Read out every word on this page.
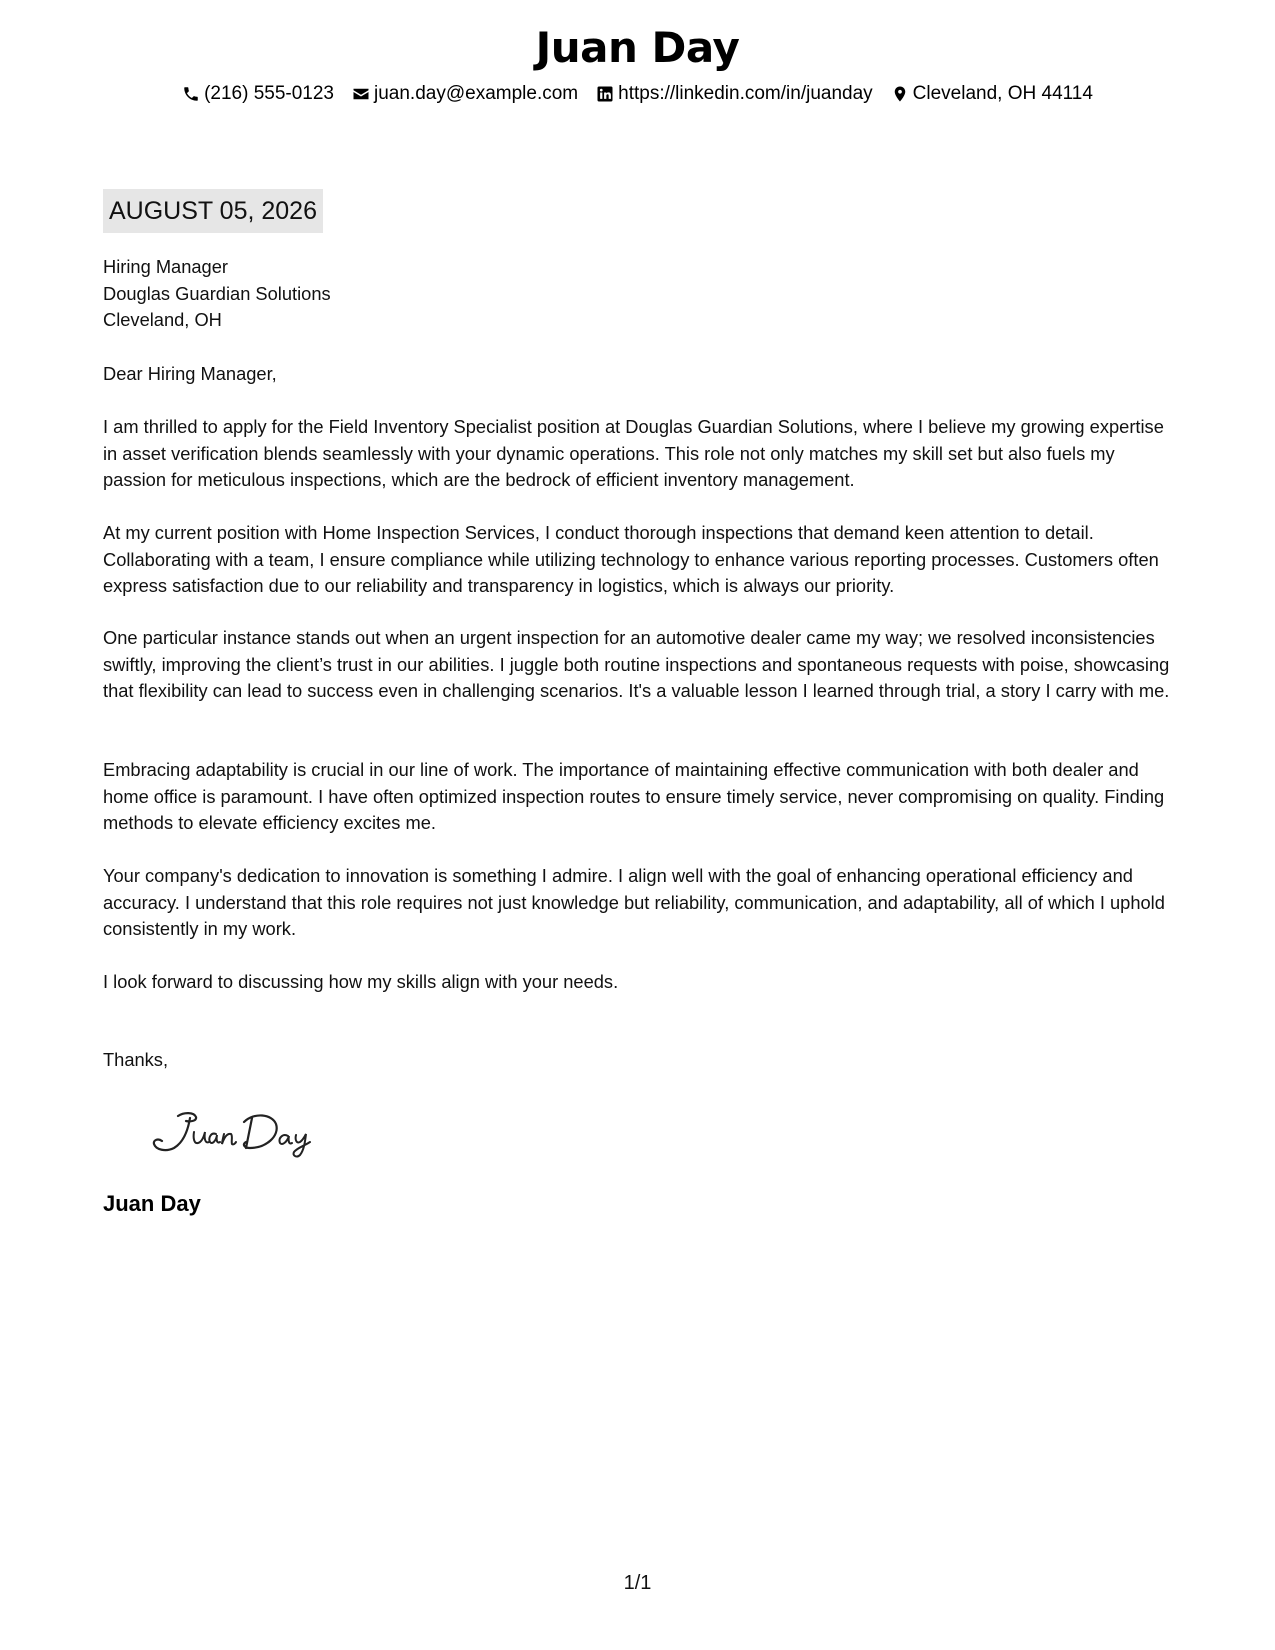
Juan Day
(216) 555-0123 juan.day@example.com https://linkedin.com/in/juanday Cleveland, OH 44114
AUGUST 05, 2026
Hiring Manager
Douglas Guardian Solutions
Cleveland, OH
Dear Hiring Manager,
I am thrilled to apply for the Field Inventory Specialist position at Douglas Guardian Solutions, where I believe my growing expertise in asset verification blends seamlessly with your dynamic operations. This role not only matches my skill set but also fuels my passion for meticulous inspections, which are the bedrock of efficient inventory management.
At my current position with Home Inspection Services, I conduct thorough inspections that demand keen attention to detail. Collaborating with a team, I ensure compliance while utilizing technology to enhance various reporting processes. Customers often express satisfaction due to our reliability and transparency in logistics, which is always our priority.
One particular instance stands out when an urgent inspection for an automotive dealer came my way; we resolved inconsistencies swiftly, improving the client’s trust in our abilities. I juggle both routine inspections and spontaneous requests with poise, showcasing that flexibility can lead to success even in challenging scenarios. It's a valuable lesson I learned through trial, a story I carry with me.
Embracing adaptability is crucial in our line of work. The importance of maintaining effective communication with both dealer and home office is paramount. I have often optimized inspection routes to ensure timely service, never compromising on quality. Finding methods to elevate efficiency excites me.
Your company's dedication to innovation is something I admire. I align well with the goal of enhancing operational efficiency and accuracy. I understand that this role requires not just knowledge but reliability, communication, and adaptability, all of which I uphold consistently in my work.
I look forward to discussing how my skills align with your needs.
Thanks,
Juan Day
1/1
